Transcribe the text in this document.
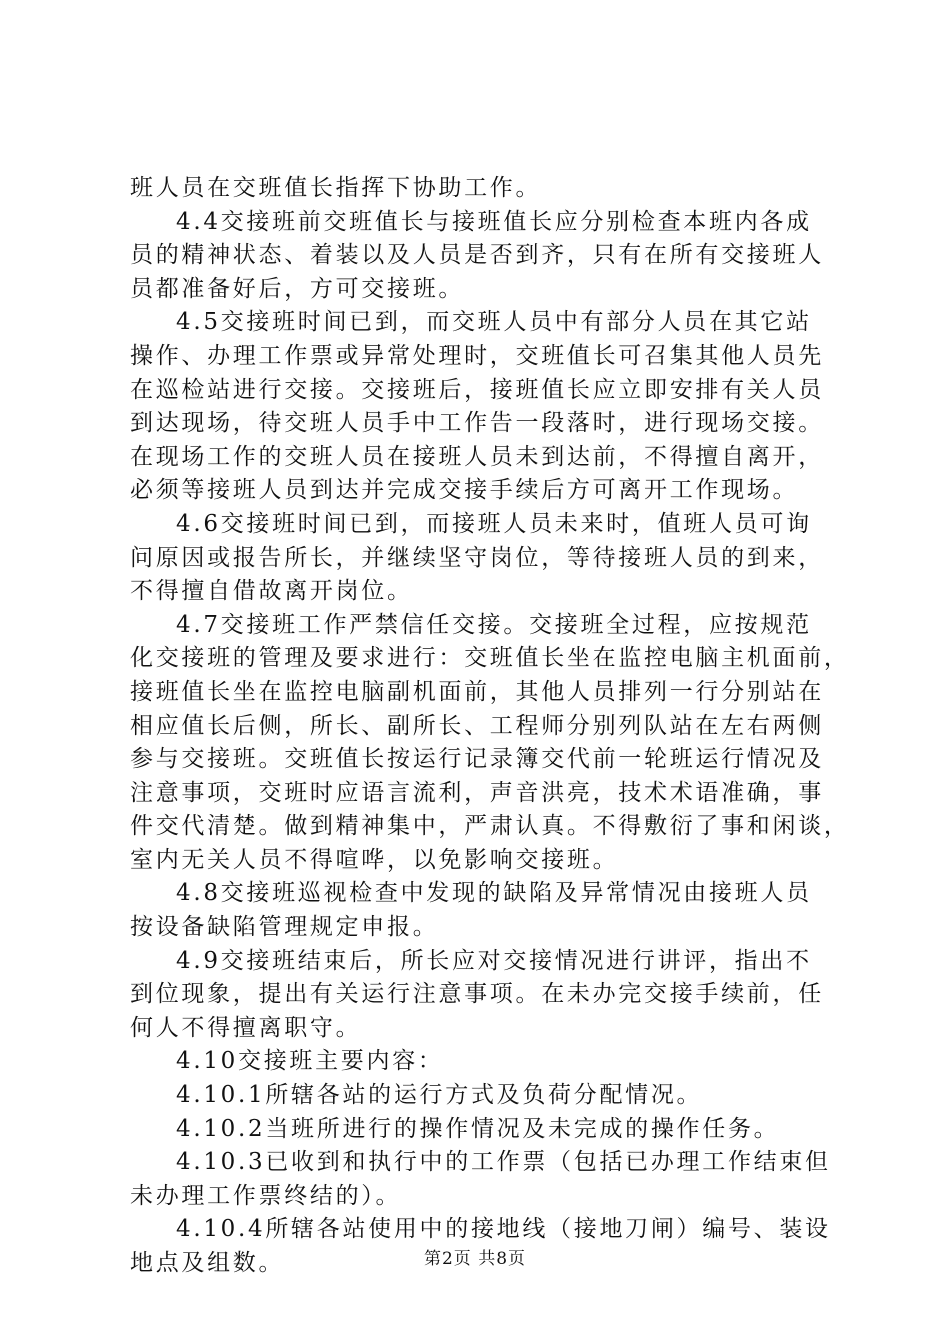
班人员在交班值长指挥下协助工作。
4.4交接班前交班值长与接班值长应分别检查本班内各成
员的精神状态、着装以及人员是否到齐，只有在所有交接班人
员都准备好后，方可交接班。
4.5交接班时间已到，而交班人员中有部分人员在其它站
操作、办理工作票或异常处理时，交班值长可召集其他人员先
在巡检站进行交接。交接班后，接班值长应立即安排有关人员
到达现场，待交班人员手中工作告一段落时，进行现场交接。
在现场工作的交班人员在接班人员未到达前，不得擅自离开，
必须等接班人员到达并完成交接手续后方可离开工作现场。
4.6交接班时间已到，而接班人员未来时，值班人员可询
问原因或报告所长，并继续坚守岗位，等待接班人员的到来，
不得擅自借故离开岗位。
4.7交接班工作严禁信任交接。交接班全过程，应按规范
化交接班的管理及要求进行：交班值长坐在监控电脑主机面前，
接班值长坐在监控电脑副机面前，其他人员排列一行分别站在
相应值长后侧，所长、副所长、工程师分别列队站在左右两侧
参与交接班。交班值长按运行记录簿交代前一轮班运行情况及
注意事项，交班时应语言流利，声音洪亮，技术术语准确，事
件交代清楚。做到精神集中，严肃认真。不得敷衍了事和闲谈，
室内无关人员不得喧哗，以免影响交接班。
4.8交接班巡视检查中发现的缺陷及异常情况由接班人员
按设备缺陷管理规定申报。
4.9交接班结束后，所长应对交接情况进行讲评，指出不
到位现象，提出有关运行注意事项。在未办完交接手续前，任
何人不得擅离职守。
4.10交接班主要内容：
4.10.1所辖各站的运行方式及负荷分配情况。
4.10.2当班所进行的操作情况及未完成的操作任务。
4.10.3已收到和执行中的工作票（包括已办理工作结束但
未办理工作票终结的）。
4.10.4所辖各站使用中的接地线（接地刀闸）编号、装设
地点及组数。	第2页 共8页
